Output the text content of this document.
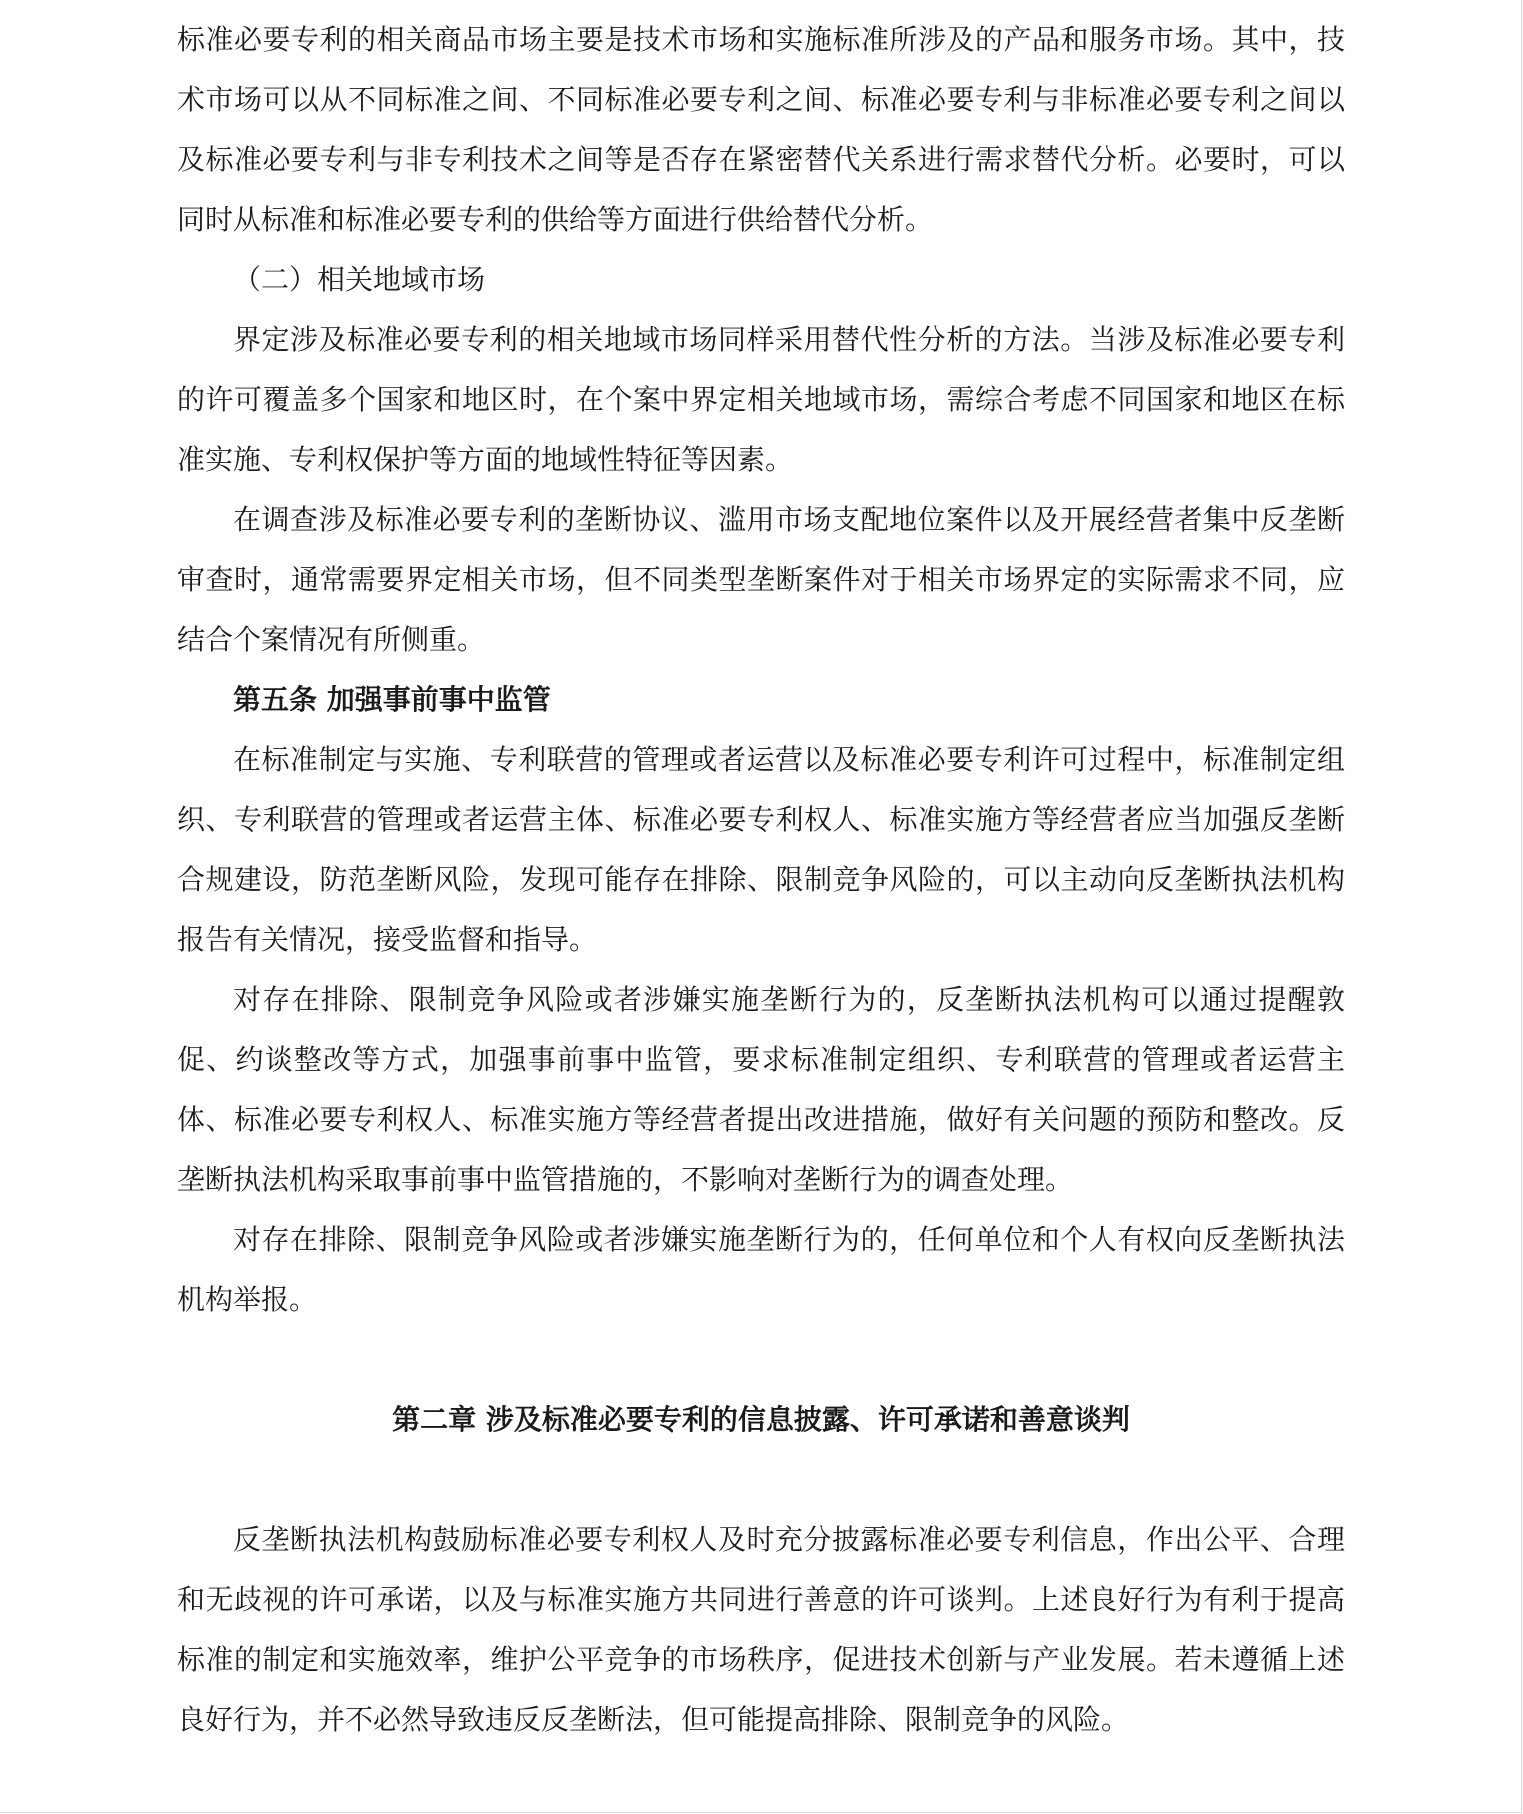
标准必要专利的相关商品市场主要是技术市场和实施标准所涉及的产品和服务市场。其中，技术市场可以从不同标准之间、不同标准必要专利之间、标准必要专利与非标准必要专利之间以及标准必要专利与非专利技术之间等是否存在紧密替代关系进行需求替代分析。必要时，可以同时从标准和标准必要专利的供给等方面进行供给替代分析。

（二）相关地域市场

界定涉及标准必要专利的相关地域市场同样采用替代性分析的方法。当涉及标准必要专利的许可覆盖多个国家和地区时，在个案中界定相关地域市场，需综合考虑不同国家和地区在标准实施、专利权保护等方面的地域性特征等因素。

在调查涉及标准必要专利的垄断协议、滥用市场支配地位案件以及开展经营者集中反垄断审查时，通常需要界定相关市场，但不同类型垄断案件对于相关市场界定的实际需求不同，应结合个案情况有所侧重。

第五条 加强事前事中监管

在标准制定与实施、专利联营的管理或者运营以及标准必要专利许可过程中，标准制定组织、专利联营的管理或者运营主体、标准必要专利权人、标准实施方等经营者应当加强反垄断合规建设，防范垄断风险，发现可能存在排除、限制竞争风险的，可以主动向反垄断执法机构报告有关情况，接受监督和指导。

对存在排除、限制竞争风险或者涉嫌实施垄断行为的，反垄断执法机构可以通过提醒敦促、约谈整改等方式，加强事前事中监管，要求标准制定组织、专利联营的管理或者运营主体、标准必要专利权人、标准实施方等经营者提出改进措施，做好有关问题的预防和整改。反垄断执法机构采取事前事中监管措施的，不影响对垄断行为的调查处理。

对存在排除、限制竞争风险或者涉嫌实施垄断行为的，任何单位和个人有权向反垄断执法机构举报。

第二章 涉及标准必要专利的信息披露、许可承诺和善意谈判

反垄断执法机构鼓励标准必要专利权人及时充分披露标准必要专利信息，作出公平、合理和无歧视的许可承诺，以及与标准实施方共同进行善意的许可谈判。上述良好行为有利于提高标准的制定和实施效率，维护公平竞争的市场秩序，促进技术创新与产业发展。若未遵循上述良好行为，并不必然导致违反反垄断法，但可能提高排除、限制竞争的风险。
